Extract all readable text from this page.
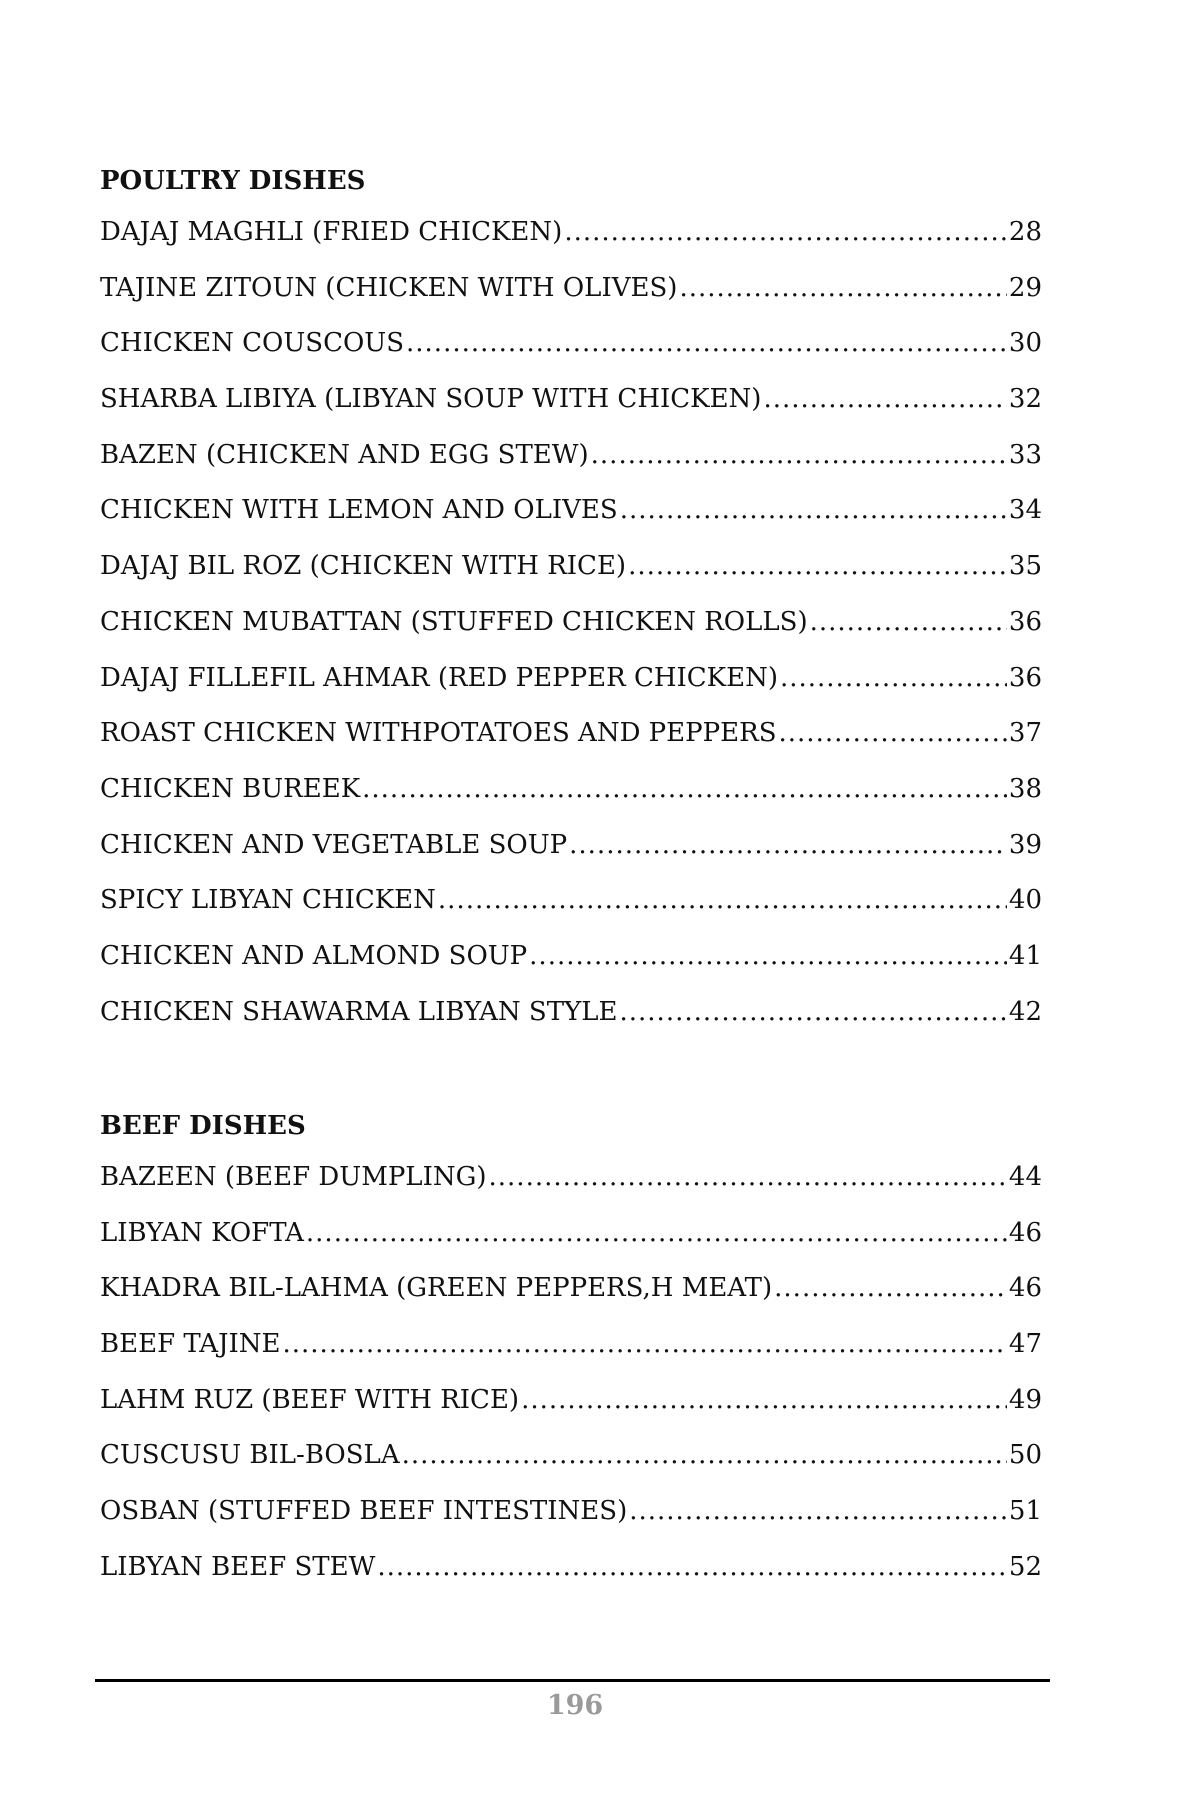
POULTRY DISHES
DAJAJ MAGHLI (FRIED CHICKEN) .....	28
TAJINE ZITOUN (CHICKEN WITH OLIVES) .....	29
CHICKEN COUSCOUS .....	30
SHARBA LIBIYA (LIBYAN SOUP WITH CHICKEN) .....	32
BAZEN (CHICKEN AND EGG STEW) .....	33
CHICKEN WITH LEMON AND OLIVES .....	34
DAJAJ BIL ROZ (CHICKEN WITH RICE) .....	35
CHICKEN MUBATTAN (STUFFED CHICKEN ROLLS) .....	36
DAJAJ FILLEFIL AHMAR (RED PEPPER CHICKEN) .....	36
ROAST CHICKEN WITHPOTATOES AND PEPPERS .....	37
CHICKEN BUREEK .....	38
CHICKEN AND VEGETABLE SOUP .....	39
SPICY LIBYAN CHICKEN .....	40
CHICKEN AND ALMOND SOUP .....	41
CHICKEN SHAWARMA LIBYAN STYLE .....	42
BEEF DISHES
BAZEEN (BEEF DUMPLING) .....	44
LIBYAN KOFTA .....	46
KHADRA BIL-LAHMA (GREEN PEPPERS,H MEAT) .....	46
BEEF TAJINE .....	47
LAHM RUZ (BEEF WITH RICE) .....	49
CUSCUSU BIL-BOSLA .....	50
OSBAN (STUFFED BEEF INTESTINES) .....	51
LIBYAN BEEF STEW .....	52
196
